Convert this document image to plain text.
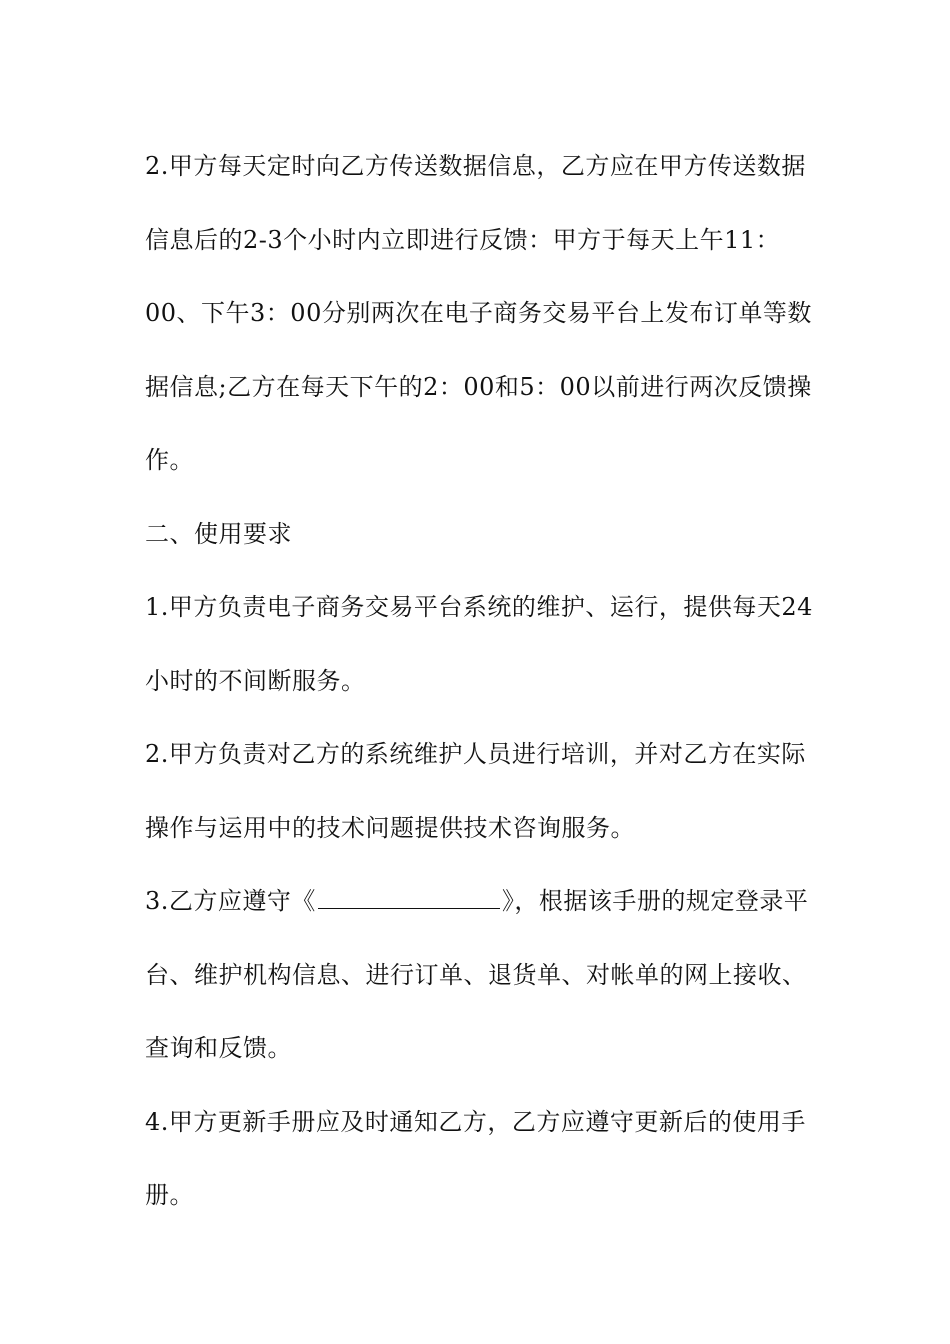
2.甲方每天定时向乙方传送数据信息，乙方应在甲方传送数据

信息后的2-3个小时内立即进行反馈：甲方于每天上午11：

00、下午3：00分别两次在电子商务交易平台上发布订单等数

据信息;乙方在每天下午的2：00和5：00以前进行两次反馈操

作。

二、使用要求

1.甲方负责电子商务交易平台系统的维护、运行，提供每天24

小时的不间断服务。

2.甲方负责对乙方的系统维护人员进行培训，并对乙方在实际

操作与运用中的技术问题提供技术咨询服务。

3.乙方应遵守《	》，根据该手册的规定登录平

台、维护机构信息、进行订单、退货单、对帐单的网上接收、

查询和反馈。

4.甲方更新手册应及时通知乙方，乙方应遵守更新后的使用手

册。
